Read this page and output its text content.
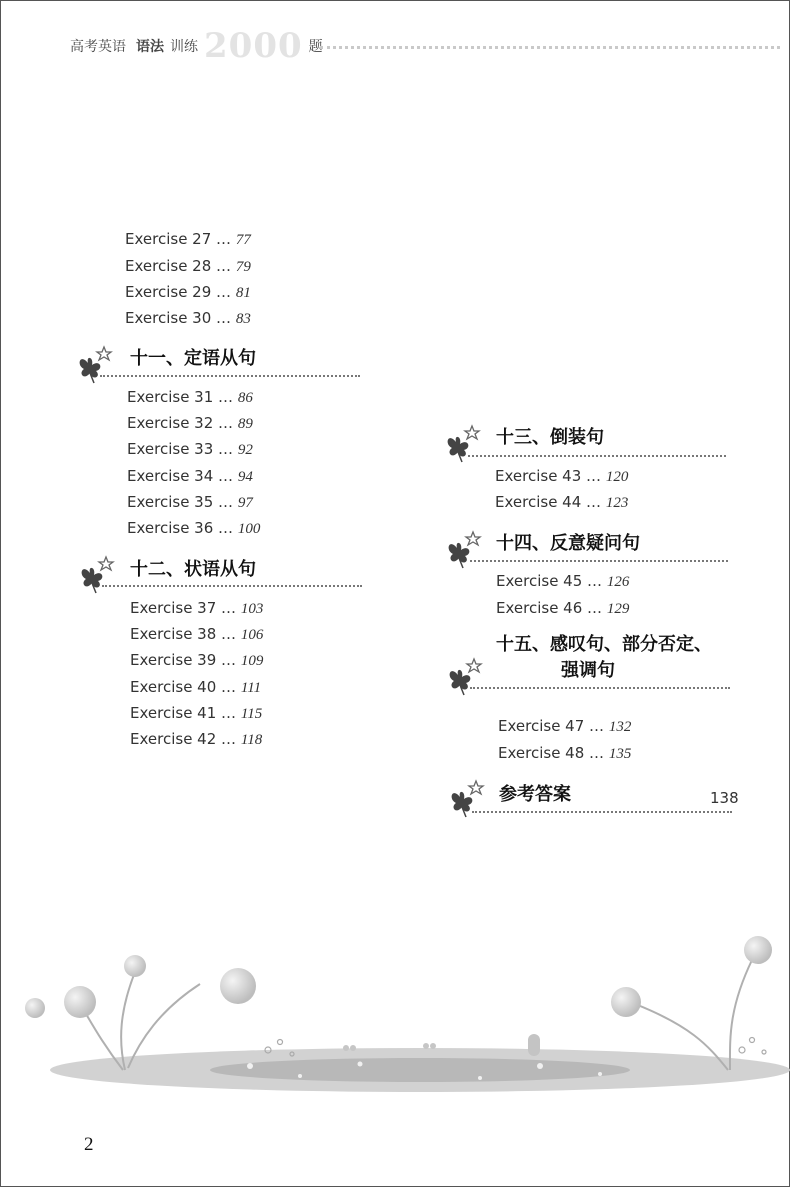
高考英语 语法 训练 2000 题
Exercise 27 … 77
Exercise 28 … 79
Exercise 29 … 81
Exercise 30 … 83
十一、定语从句
Exercise 31 … 86
Exercise 32 … 89
Exercise 33 … 92
Exercise 34 … 94
Exercise 35 … 97
Exercise 36 … 100
十二、状语从句
Exercise 37 … 103
Exercise 38 … 106
Exercise 39 … 109
Exercise 40 … 111
Exercise 41 … 115
Exercise 42 … 118
十三、倒装句
Exercise 43 … 120
Exercise 44 … 123
十四、反意疑问句
Exercise 45 … 126
Exercise 46 … 129
十五、感叹句、部分否定、
强调句
Exercise 47 … 132
Exercise 48 … 135
参考答案	138
2
